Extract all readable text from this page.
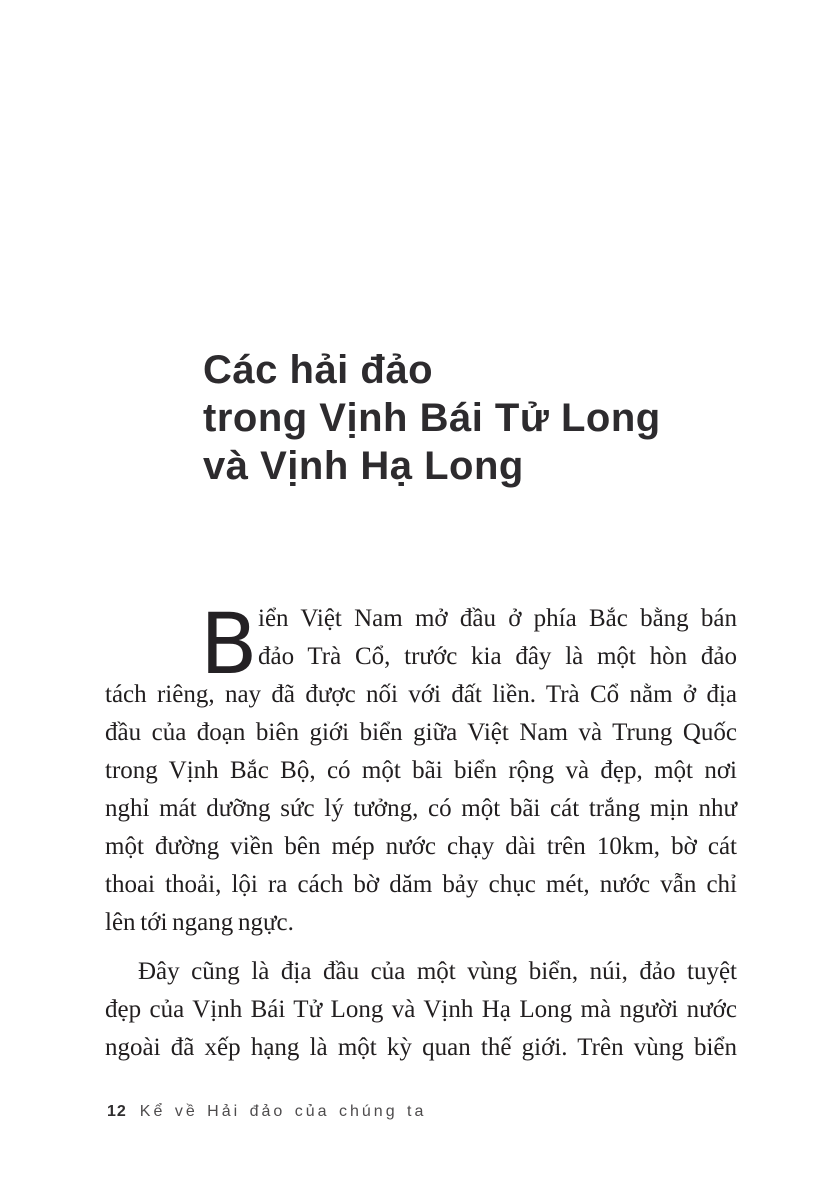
Các hải đảo
trong Vịnh Bái Tử Long
và Vịnh Hạ Long
B iển Việt Nam mở đầu ở phía Bắc bằng bán
đảo Trà Cổ, trước kia đây là một hòn đảo
tách riêng, nay đã được nối với đất liền. Trà Cổ nằm ở địa
đầu của đoạn biên giới biển giữa Việt Nam và Trung Quốc
trong Vịnh Bắc Bộ, có một bãi biển rộng và đẹp, một nơi
nghỉ mát dưỡng sức lý tưởng, có một bãi cát trắng mịn như
một đường viền bên mép nước chạy dài trên 10km, bờ cát
thoai thoải, lội ra cách bờ dăm bảy chục mét, nước vẫn chỉ
lên tới ngang ngực.
Đây cũng là địa đầu của một vùng biển, núi, đảo tuyệt
đẹp của Vịnh Bái Tử Long và Vịnh Hạ Long mà người nước
ngoài đã xếp hạng là một kỳ quan thế giới. Trên vùng biển
12 Kể về Hải đảo của chúng ta
